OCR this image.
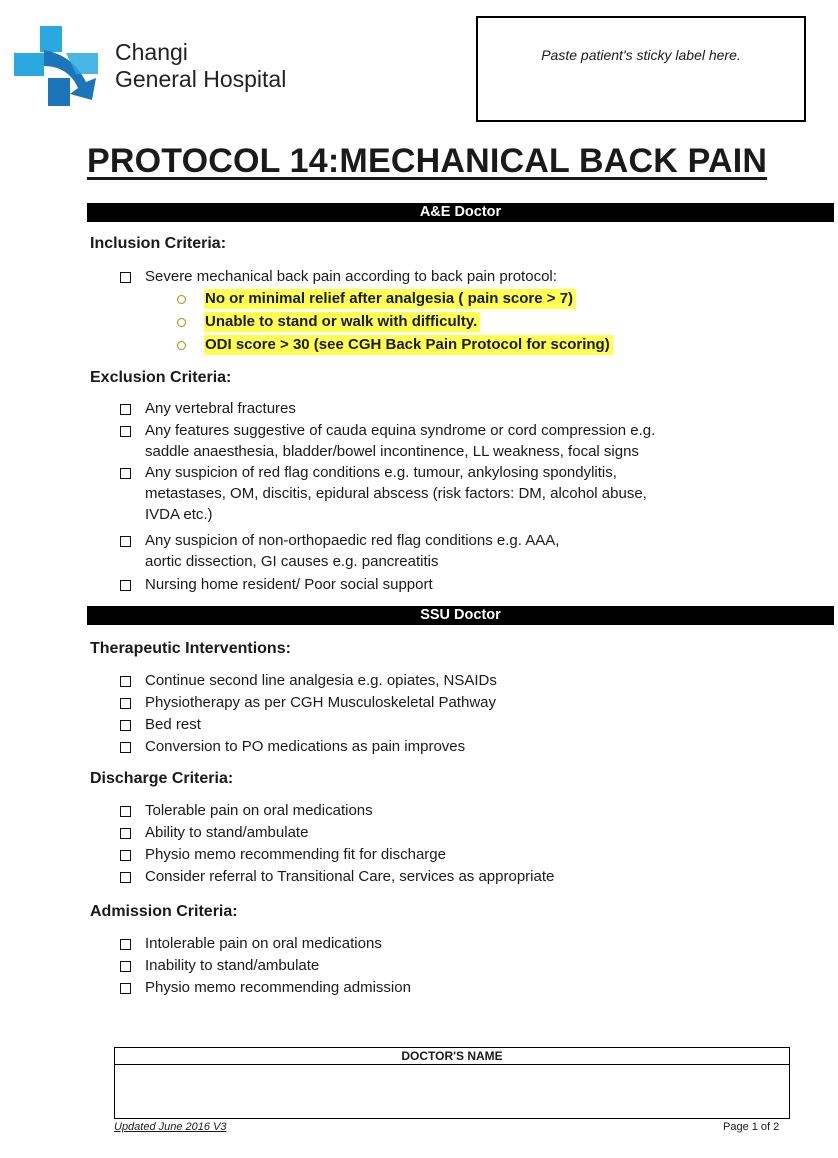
Changi
General Hospital
Paste patient's sticky label here.
PROTOCOL 14:MECHANICAL BACK PAIN
A&E Doctor
Inclusion Criteria:
Severe mechanical back pain according to back pain protocol:
No or minimal relief after analgesia ( pain score > 7)
Unable to stand or walk with difficulty.
ODI score > 30 (see CGH Back Pain Protocol for scoring)
Exclusion Criteria:
Any vertebral fractures
Any features suggestive of cauda equina syndrome or cord compression e.g.
saddle anaesthesia, bladder/bowel incontinence, LL weakness, focal signs
Any suspicion of red flag conditions e.g. tumour, ankylosing spondylitis,
metastases, OM, discitis, epidural abscess (risk factors: DM, alcohol abuse,
IVDA etc.)
Any suspicion of non-orthopaedic red flag conditions e.g. AAA,
aortic dissection, GI causes e.g. pancreatitis
Nursing home resident/ Poor social support
SSU Doctor
Therapeutic Interventions:
Continue second line analgesia e.g. opiates, NSAIDs
Physiotherapy as per CGH Musculoskeletal Pathway
Bed rest
Conversion to PO medications as pain improves
Discharge Criteria:
Tolerable pain on oral medications
Ability to stand/ambulate
Physio memo recommending fit for discharge
Consider referral to Transitional Care, services as appropriate
Admission Criteria:
Intolerable pain on oral medications
Inability to stand/ambulate
Physio memo recommending admission
DOCTOR'S NAME
Updated June 2016 V3	Page 1 of 2
